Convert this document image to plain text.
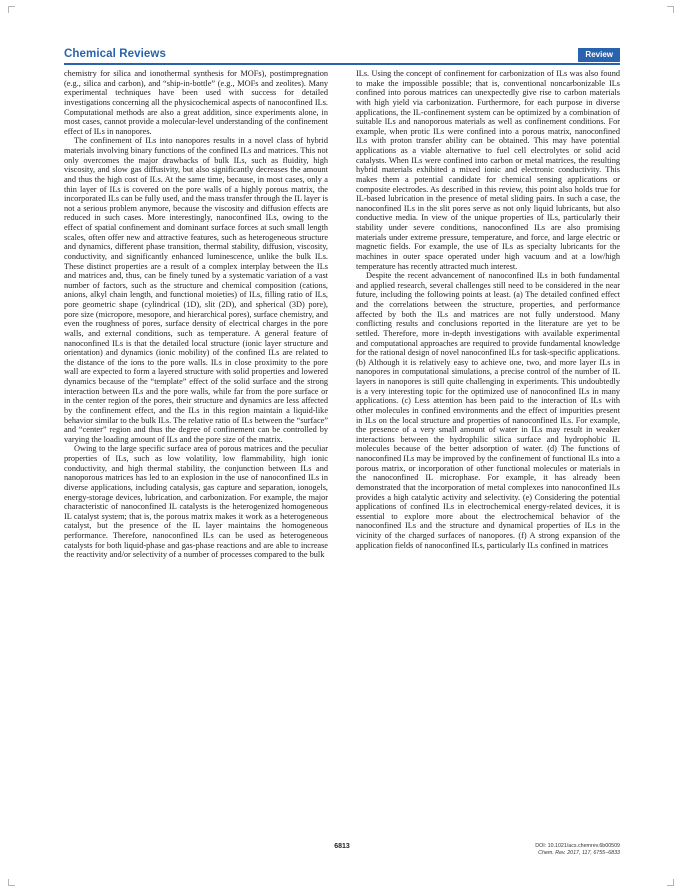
Chemical Reviews	Review

chemistry for silica and ionothermal synthesis for MOFs), postimpregnation (e.g., silica and carbon), and “ship-in-bottle” (e.g., MOFs and zeolites). Many experimental techniques have been used with success for detailed investigations concerning all the physicochemical aspects of nanoconfined ILs. Computational methods are also a great addition, since experiments alone, in most cases, cannot provide a molecular-level understanding of the confinement effect of ILs in nanopores.

The confinement of ILs into nanopores results in a novel class of hybrid materials involving binary functions of the confined ILs and matrices. This not only overcomes the major drawbacks of bulk ILs, such as fluidity, high viscosity, and slow gas diffusivity, but also significantly decreases the amount and thus the high cost of ILs. At the same time, because, in most cases, only a thin layer of ILs is covered on the pore walls of a highly porous matrix, the incorporated ILs can be fully used, and the mass transfer through the IL layer is not a serious problem anymore, because the viscosity and diffusion effects are reduced in such cases. More interestingly, nanoconfined ILs, owing to the effect of spatial confinement and dominant surface forces at such small length scales, often offer new and attractive features, such as heterogeneous structure and dynamics, different phase transition, thermal stability, diffusion, viscosity, conductivity, and significantly enhanced luminescence, unlike the bulk ILs. These distinct properties are a result of a complex interplay between the ILs and matrices and, thus, can be finely tuned by a systematic variation of a vast number of factors, such as the structure and chemical composition (cations, anions, alkyl chain length, and functional moieties) of ILs, filling ratio of ILs, pore geometric shape (cylindrical (1D), slit (2D), and spherical (3D) pore), pore size (micropore, mesopore, and hierarchical pores), surface chemistry, and even the roughness of pores, surface density of electrical charges in the pore walls, and external conditions, such as temperature. A general feature of nanoconfined ILs is that the detailed local structure (ionic layer structure and orientation) and dynamics (ionic mobility) of the confined ILs are related to the distance of the ions to the pore walls. ILs in close proximity to the pore wall are expected to form a layered structure with solid properties and lowered dynamics because of the “template” effect of the solid surface and the strong interaction between ILs and the pore walls, while far from the pore surface or in the center region of the pores, their structure and dynamics are less affected by the confinement effect, and the ILs in this region maintain a liquid-like behavior similar to the bulk ILs. The relative ratio of ILs between the “surface” and “center” region and thus the degree of confinement can be controlled by varying the loading amount of ILs and the pore size of the matrix.

Owing to the large specific surface area of porous matrices and the peculiar properties of ILs, such as low volatility, low flammability, high ionic conductivity, and high thermal stability, the conjunction between ILs and nanoporous matrices has led to an explosion in the use of nanoconfined ILs in diverse applications, including catalysis, gas capture and separation, ionogels, energy-storage devices, lubrication, and carbonization. For example, the major characteristic of nanoconfined IL catalysts is the heterogenized homogeneous IL catalyst system; that is, the porous matrix makes it work as a heterogeneous catalyst, but the presence of the IL layer maintains the homogeneous performance. Therefore, nanoconfined ILs can be used as heterogeneous catalysts for both liquid-phase and gas-phase reactions and are able to increase the reactivity and/or selectivity of a number of processes compared to the bulk

ILs. Using the concept of confinement for carbonization of ILs was also found to make the impossible possible; that is, conventional noncarbonizable ILs confined into porous matrices can unexpectedly give rise to carbon materials with high yield via carbonization. Furthermore, for each purpose in diverse applications, the IL-confinement system can be optimized by a combination of suitable ILs and nanoporous materials as well as confinement conditions. For example, when protic ILs were confined into a porous matrix, nanoconfined ILs with proton transfer ability can be obtained. This may have potential applications as a viable alternative to fuel cell electrolytes or solid acid catalysts. When ILs were confined into carbon or metal matrices, the resulting hybrid materials exhibited a mixed ionic and electronic conductivity. This makes them a potential candidate for chemical sensing applications or composite electrodes. As described in this review, this point also holds true for IL-based lubrication in the presence of metal sliding pairs. In such a case, the nanoconfined ILs in the slit pores serve as not only liquid lubricants, but also conductive media. In view of the unique properties of ILs, particularly their stability under severe conditions, nanoconfined ILs are also promising materials under extreme pressure, temperature, and force, and large electric or magnetic fields. For example, the use of ILs as specialty lubricants for the machines in outer space operated under high vacuum and at a low/high temperature has recently attracted much interest.

Despite the recent advancement of nanoconfined ILs in both fundamental and applied research, several challenges still need to be considered in the near future, including the following points at least. (a) The detailed confined effect and the correlations between the structure, properties, and performance affected by both the ILs and matrices are not fully understood. Many conflicting results and conclusions reported in the literature are yet to be settled. Therefore, more in-depth investigations with available experimental and computational approaches are required to provide fundamental knowledge for the rational design of novel nanoconfined ILs for task-specific applications. (b) Although it is relatively easy to achieve one, two, and more layer ILs in nanopores in computational simulations, a precise control of the number of IL layers in nanopores is still quite challenging in experiments. This undoubtedly is a very interesting topic for the optimized use of nanoconfined ILs in many applications. (c) Less attention has been paid to the interaction of ILs with other molecules in confined environments and the effect of impurities present in ILs on the local structure and properties of nanoconfined ILs. For example, the presence of a very small amount of water in ILs may result in weaker interactions between the hydrophilic silica surface and hydrophobic IL molecules because of the better adsorption of water. (d) The functions of nanoconfined ILs may be improved by the confinement of functional ILs into a porous matrix, or incorporation of other functional molecules or materials in the nanoconfined IL microphase. For example, it has already been demonstrated that the incorporation of metal complexes into nanoconfined ILs provides a high catalytic activity and selectivity. (e) Considering the potential applications of confined ILs in electrochemical energy-related devices, it is essential to explore more about the electrochemical behavior of the nanoconfined ILs and the structure and dynamical properties of ILs in the vicinity of the charged surfaces of nanopores. (f) A strong expansion of the application fields of nanoconfined ILs, particularly ILs confined in matrices

6813	DOI: 10.1021/acs.chemrev.6b00509
Chem. Rev. 2017, 117, 6755−6833
